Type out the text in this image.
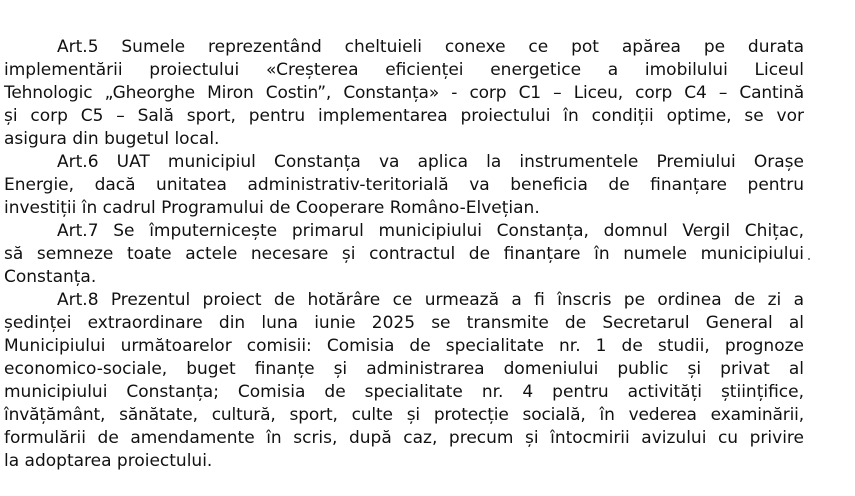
Art.5 Sumele reprezentând cheltuieli conexe ce pot apărea pe durata
implementării proiectului «Creșterea eficienței energetice a imobilului Liceul
Tehnologic „Gheorghe Miron Costin”, Constanța» - corp C1 – Liceu, corp C4 – Cantină
și corp C5 – Sală sport, pentru implementarea proiectului în condiții optime, se vor
asigura din bugetul local.
Art.6 UAT municipiul Constanța va aplica la instrumentele Premiului Orașe
Energie, dacă unitatea administrativ-teritorială va beneficia de finanțare pentru
investiții în cadrul Programului de Cooperare Româno-Elvețian.
Art.7 Se împuternicește primarul municipiului Constanța, domnul Vergil Chițac,
să semneze toate actele necesare și contractul de finanțare în numele municipiului
Constanța.
Art.8 Prezentul proiect de hotărâre ce urmează a fi înscris pe ordinea de zi a
ședinței extraordinare din luna iunie 2025 se transmite de Secretarul General al
Municipiului următoarelor comisii: Comisia de specialitate nr. 1 de studii, prognoze
economico-sociale, buget finanțe și administrarea domeniului public și privat al
municipiului Constanța; Comisia de specialitate nr. 4 pentru activități științifice,
învățământ, sănătate, cultură, sport, culte și protecție socială, în vederea examinării,
formulării de amendamente în scris, după caz, precum și întocmirii avizului cu privire
la adoptarea proiectului.
